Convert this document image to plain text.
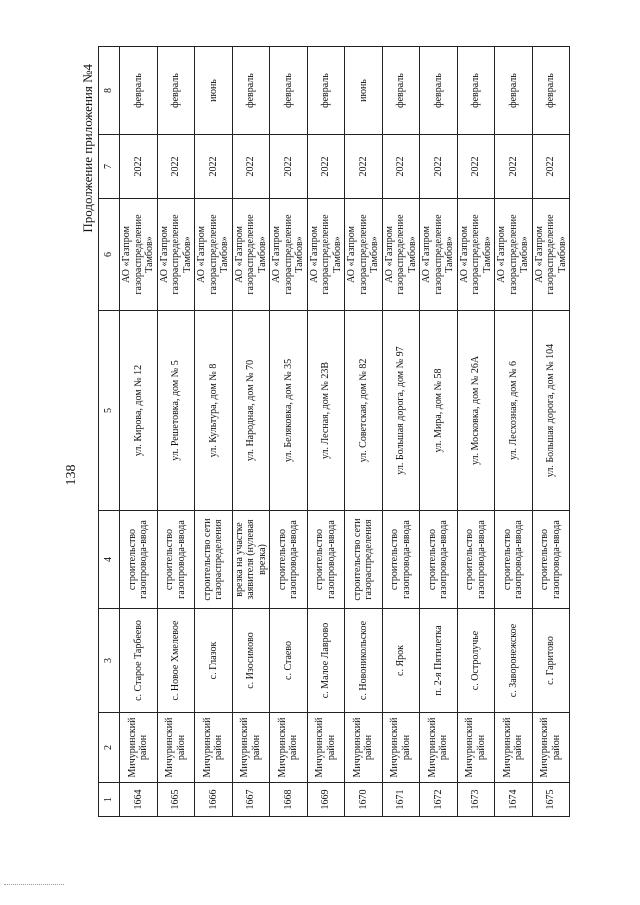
138
Продолжение приложения №4
1	2	3	4	5	6	7	8
1664	Мичуринский район	с. Старое Тарбеево	строительство газопровода-ввода	ул. Кирова, дом № 12	АО «Газпром газораспределение Тамбов»	2022	февраль
1665	Мичуринский район	с. Новое Хмелевое	строительство газопровода-ввода	ул. Решетовка, дом № 5	АО «Газпром газораспределение Тамбов»	2022	февраль
1666	Мичуринский район	с. Глазок	строительство сети газораспределения	ул. Культура, дом № 8	АО «Газпром газораспределение Тамбов»	2022	июнь
1667	Мичуринский район	с. Изосимово	врезка на участке заявителя (нулевая врезка)	ул. Народная, дом № 70	АО «Газпром газораспределение Тамбов»	2022	февраль
1668	Мичуринский район	с. Стаево	строительство газопровода-ввода	ул. Беляковка, дом № 35	АО «Газпром газораспределение Тамбов»	2022	февраль
1669	Мичуринский район	с. Малое Лаврово	строительство газопровода-ввода	ул. Лесная, дом № 23В	АО «Газпром газораспределение Тамбов»	2022	февраль
1670	Мичуринский район	с. Новоникольское	строительство сети газораспределения	ул. Советская, дом № 82	АО «Газпром газораспределение Тамбов»	2022	июнь
1671	Мичуринский район	с. Ярок	строительство газопровода-ввода	ул. Большая дорога, дом № 97	АО «Газпром газораспределение Тамбов»	2022	февраль
1672	Мичуринский район	п. 2-я Пятилетка	строительство газопровода-ввода	ул. Мира, дом № 58	АО «Газпром газораспределение Тамбов»	2022	февраль
1673	Мичуринский район	с. Остролучье	строительство газопровода-ввода	ул. Московка, дом № 26А	АО «Газпром газораспределение Тамбов»	2022	февраль
1674	Мичуринский район	с. Заворонежское	строительство газопровода-ввода	ул. Лесхозная, дом № 6	АО «Газпром газораспределение Тамбов»	2022	февраль
1675	Мичуринский район	с. Гаритово	строительство газопровода-ввода	ул. Большая дорога, дом № 104	АО «Газпром газораспределение Тамбов»	2022	февраль
